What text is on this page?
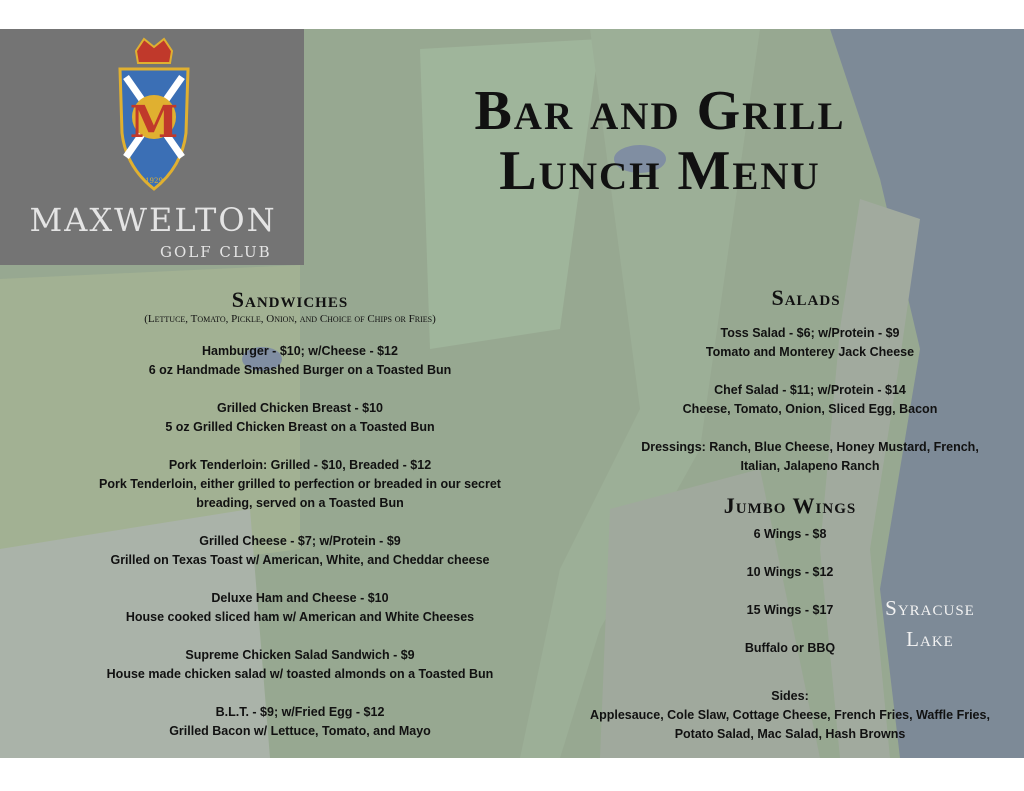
M
1929
MAXWELTON
GOLF CLUB
Bar and Grill
Lunch Menu
Sandwiches
(Lettuce, Tomato, Pickle, Onion, and Choice of Chips or Fries)
Hamburger - $10; w/Cheese - $12
6 oz Handmade Smashed Burger on a Toasted Bun
Grilled Chicken Breast - $10
5 oz Grilled Chicken Breast on a Toasted Bun
Pork Tenderloin: Grilled - $10, Breaded - $12
Pork Tenderloin, either grilled to perfection or breaded in our secret
breading, served on a Toasted Bun
Grilled Cheese - $7; w/Protein - $9
Grilled on Texas Toast w/ American, White, and Cheddar cheese
Deluxe Ham and Cheese - $10
House cooked sliced ham w/ American and White Cheeses
Supreme Chicken Salad Sandwich - $9
House made chicken salad w/ toasted almonds on a Toasted Bun
B.L.T. - $9; w/Fried Egg - $12
Grilled Bacon w/ Lettuce, Tomato, and Mayo
Salads
Toss Salad - $6; w/Protein - $9
Tomato and Monterey Jack Cheese
Chef Salad - $11; w/Protein - $14
Cheese, Tomato, Onion, Sliced Egg, Bacon
Dressings: Ranch, Blue Cheese, Honey Mustard, French,
Italian, Jalapeno Ranch
Jumbo Wings
6 Wings - $8
10 Wings - $12
15 Wings - $17
Buffalo or BBQ
Sides:
Applesauce, Cole Slaw, Cottage Cheese, French Fries, Waffle Fries,
Potato Salad, Mac Salad, Hash Browns
Syracuse
Lake
